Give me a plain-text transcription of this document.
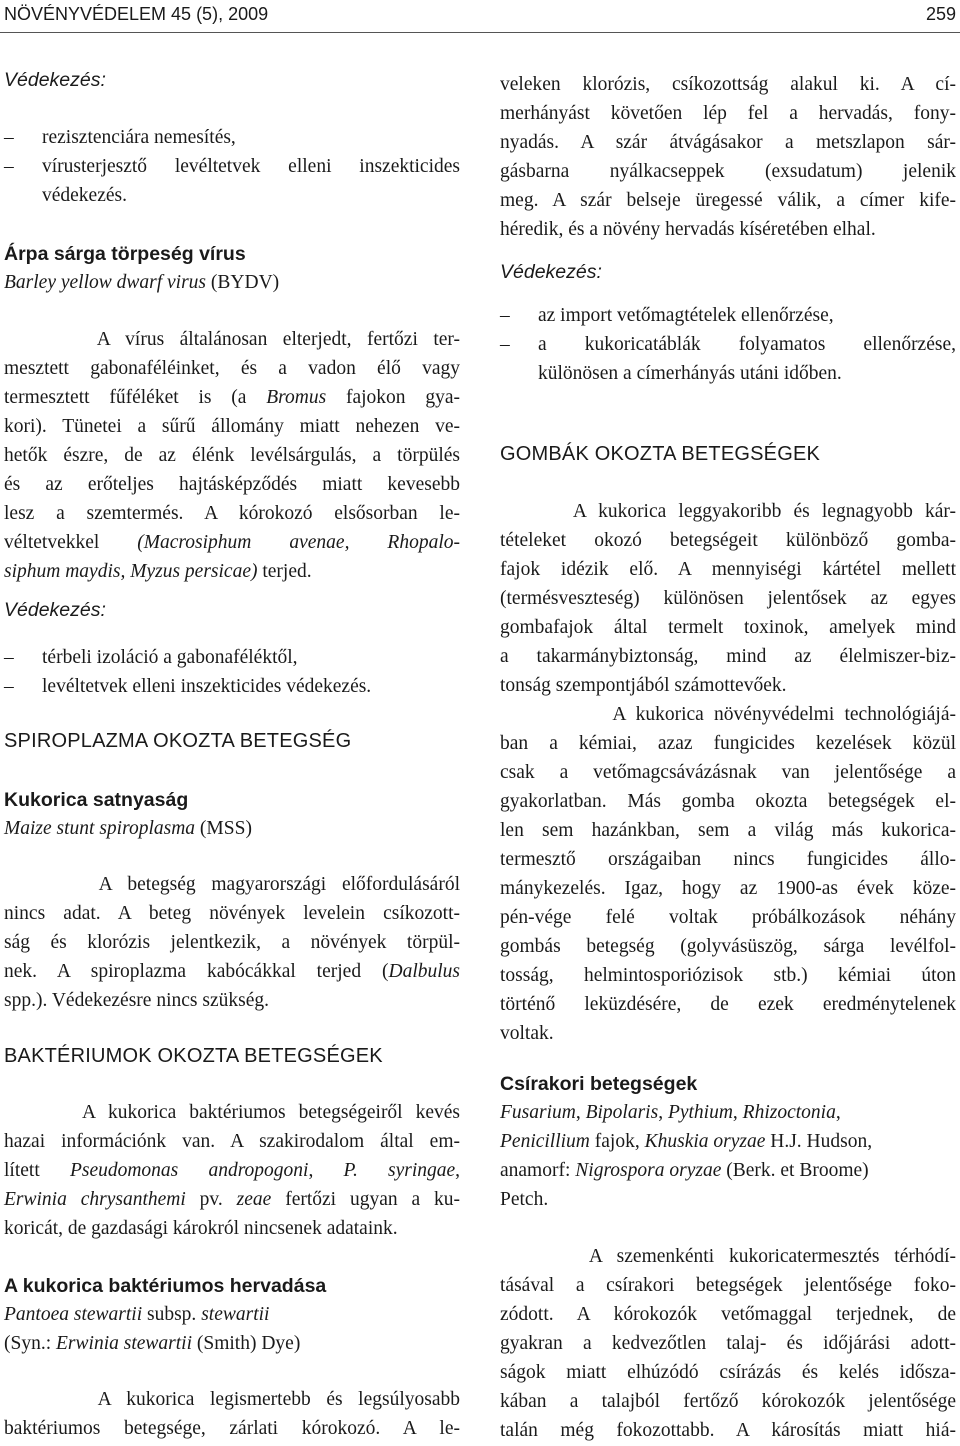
NÖVÉNYVÉDELEM 45 (5), 2009	259
Védekezés:
– rezisztenciára nemesítés,
– vírusterjesztő levéltetvek elleni inszekticides
védekezés.
Árpa sárga törpeség vírus
Barley yellow dwarf virus (BYDV)
A vírus általánosan elterjedt, fertőzi ter-
mesztett gabonaféléinket, és a vadon élő vagy
termesztett fűféléket is (a Bromus fajokon gya-
kori). Tünetei a sűrű állomány miatt nehezen ve-
hetők észre, de az élénk levélsárgulás, a törpülés
és az erőteljes hajtásképződés miatt kevesebb
lesz a szemtermés. A kórokozó elsősorban le-
véltetvekkel (Macrosiphum avenae, Rhopalo-
siphum maydis, Myzus persicae) terjed.
Védekezés:
– térbeli izoláció a gabonaféléktől,
– levéltetvek elleni inszekticides védekezés.
SPIROPLAZMA OKOZTA BETEGSÉG
Kukorica satnyaság
Maize stunt spiroplasma (MSS)
A betegség magyarországi előfordulásáról
nincs adat. A beteg növények levelein csíkozott-
ság és klorózis jelentkezik, a növények törpül-
nek. A spiroplazma kabócákkal terjed (Dalbulus
spp.). Védekezésre nincs szükség.
BAKTÉRIUMOK OKOZTA BETEGSÉGEK
A kukorica baktériumos betegségeiről kevés
hazai információnk van. A szakirodalom által em-
lített Pseudomonas andropogoni, P. syringae,
Erwinia chrysanthemi pv. zeae fertőzi ugyan a ku-
koricát, de gazdasági károkról nincsenek adataink.
A kukorica baktériumos hervadása
Pantoea stewartii subsp. stewartii
(Syn.: Erwinia stewartii (Smith) Dye)
A kukorica legismertebb és legsúlyosabb
baktériumos betegsége, zárlati kórokozó. A le-
veleken klorózis, csíkozottság alakul ki. A cí-
merhányást követően lép fel a hervadás, fony-
nyadás. A szár átvágásakor a metszlapon sár-
gásbarna nyálkacseppek (exsudatum) jelenik
meg. A szár belseje üregessé válik, a címer kife-
héredik, és a növény hervadás kíséretében elhal.
Védekezés:
– az import vetőmagtételek ellenőrzése,
– a kukoricatáblák folyamatos ellenőrzése,
különösen a címerhányás utáni időben.
GOMBÁK OKOZTA BETEGSÉGEK
A kukorica leggyakoribb és legnagyobb kár-
tételeket okozó betegségeit különböző gomba-
fajok idézik elő. A mennyiségi kártétel mellett
(termésveszteség) különösen jelentősek az egyes
gombafajok által termelt toxinok, amelyek mind
a takarmánybiztonság, mind az élelmiszer-biz-
tonság szempontjából számottevőek.
A kukorica növényvédelmi technológiájá-
ban a kémiai, azaz fungicides kezelések közül
csak a vetőmagcsávázásnak van jelentősége a
gyakorlatban. Más gomba okozta betegségek el-
len sem hazánkban, sem a világ más kukorica-
termesztő országaiban nincs fungicides állo-
mánykezelés. Igaz, hogy az 1900-as évek köze-
pén-vége felé voltak próbálkozások néhány
gombás betegség (golyvásüszög, sárga levélfol-
tosság, helmintosporiózisok stb.) kémiai úton
történő leküzdésére, de ezek eredménytelenek
voltak.
Csírakori betegségek
Fusarium, Bipolaris, Pythium, Rhizoctonia,
Penicillium fajok, Khuskia oryzae H.J. Hudson,
anamorf: Nigrospora oryzae (Berk. et Broome)
Petch.
A szemenkénti kukoricatermesztés térhódí-
tásával a csírakori betegségek jelentősége foko-
zódott. A kórokozók vetőmaggal terjednek, de
gyakran a kedvezőtlen talaj- és időjárási adott-
ságok miatt elhúzódó csírázás és kelés idősza-
kában a talajból fertőző kórokozók jelentősége
talán még fokozottabb. A károsítás miatt hiá-
